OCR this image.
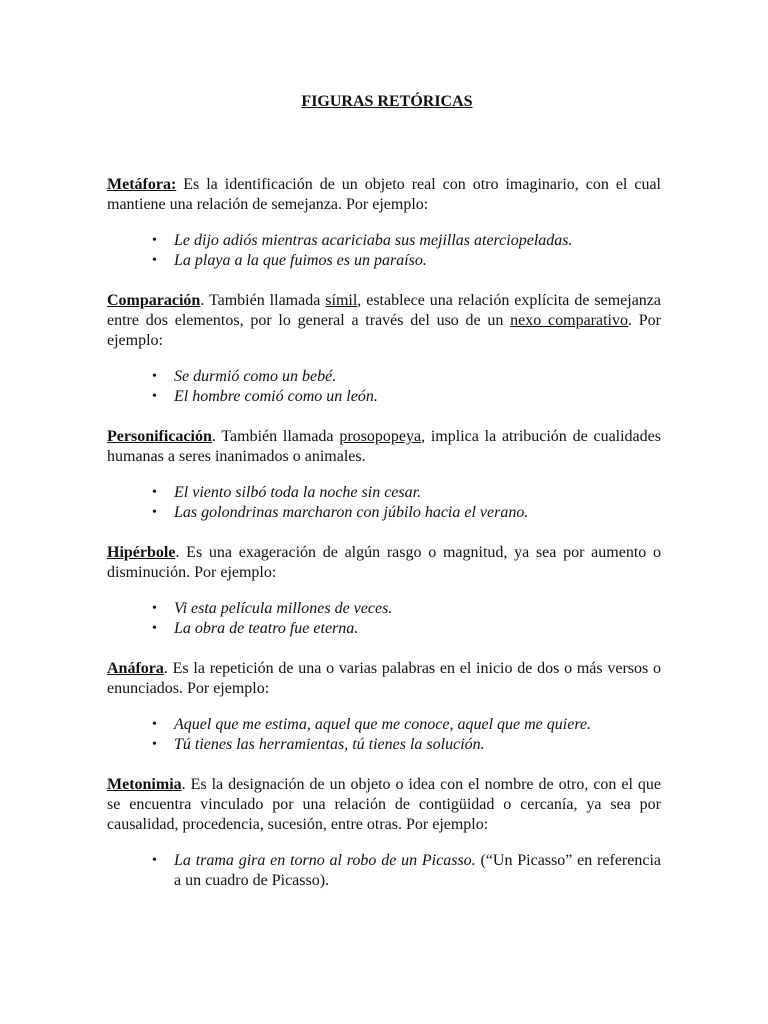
FIGURAS RETÓRICAS

Metáfora: Es la identificación de un objeto real con otro imaginario, con el cual mantiene una relación de semejanza. Por ejemplo:

• Le dijo adiós mientras acariciaba sus mejillas aterciopeladas.
• La playa a la que fuimos es un paraíso.

Comparación. También llamada símil, establece una relación explícita de semejanza entre dos elementos, por lo general a través del uso de un nexo comparativo. Por ejemplo:

• Se durmió como un bebé.
• El hombre comió como un león.

Personificación. También llamada prosopopeya, implica la atribución de cualidades humanas a seres inanimados o animales.

• El viento silbó toda la noche sin cesar.
• Las golondrinas marcharon con júbilo hacia el verano.

Hipérbole. Es una exageración de algún rasgo o magnitud, ya sea por aumento o disminución. Por ejemplo:

• Vi esta película millones de veces.
• La obra de teatro fue eterna.

Anáfora. Es la repetición de una o varias palabras en el inicio de dos o más versos o enunciados. Por ejemplo:

• Aquel que me estima, aquel que me conoce, aquel que me quiere.
• Tú tienes las herramientas, tú tienes la solución.

Metonimia. Es la designación de un objeto o idea con el nombre de otro, con el que se encuentra vinculado por una relación de contigüidad o cercanía, ya sea por causalidad, procedencia, sucesión, entre otras. Por ejemplo:

• La trama gira en torno al robo de un Picasso. (“Un Picasso” en referencia a un cuadro de Picasso).
